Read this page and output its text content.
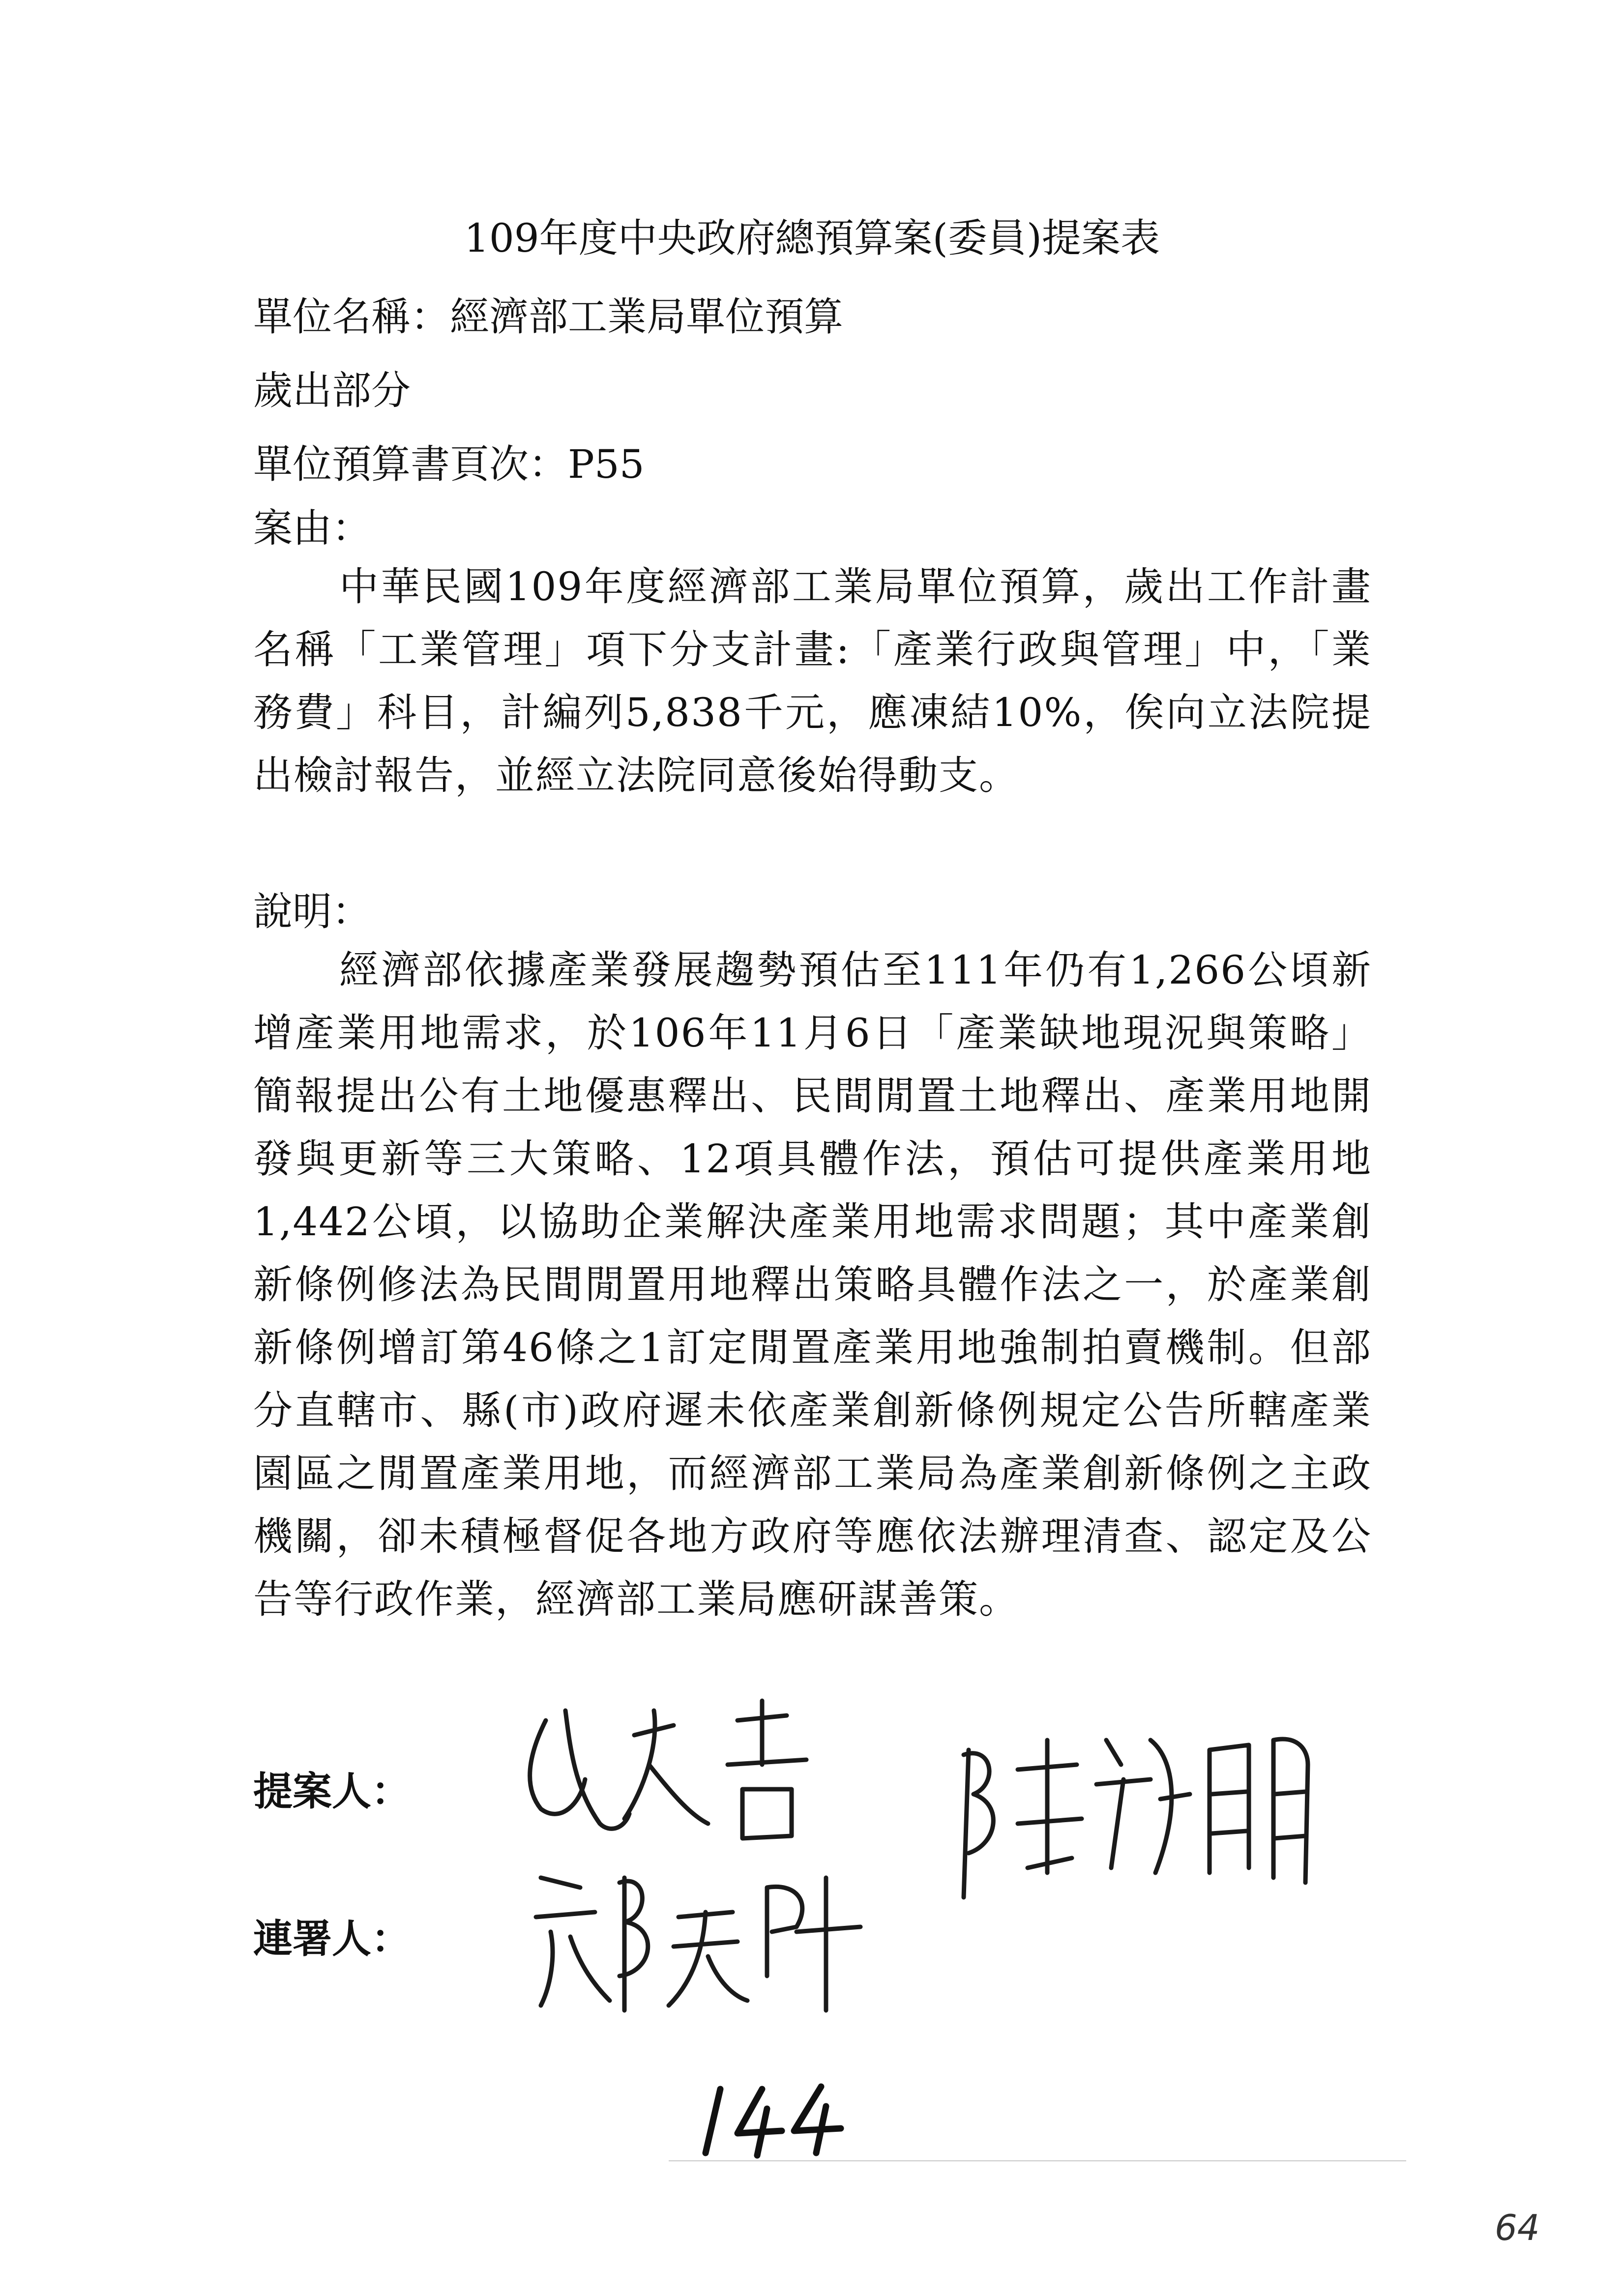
109年度中央政府總預算案(委員)提案表
單位名稱：經濟部工業局單位預算
歲出部分
單位預算書頁次：P55
案由：

中華民國109年度經濟部工業局單位預算，歲出工作計畫名稱「工業管理」項下分支計畫:「產業行政與管理」中，「業務費」科目，計編列5,838千元，應凍結10%，俟向立法院提出檢討報告，並經立法院同意後始得動支。

說明：

經濟部依據產業發展趨勢預估至111年仍有1,266公頃新增產業用地需求，於106年11月6日「產業缺地現況與策略」簡報提出公有土地優惠釋出、民間閒置土地釋出、產業用地開發與更新等三大策略、12項具體作法，預估可提供產業用地1,442公頃，以協助企業解決產業用地需求問題；其中產業創新條例修法為民間閒置用地釋出策略具體作法之一，於產業創新條例增訂第46條之1訂定閒置產業用地強制拍賣機制。但部分直轄市、縣(市)政府遲未依產業創新條例規定公告所轄產業園區之閒置產業用地，而經濟部工業局為產業創新條例之主政機關，卻未積極督促各地方政府等應依法辦理清查、認定及公告等行政作業，經濟部工業局應研謀善策。

提案人：
連署人：
64
